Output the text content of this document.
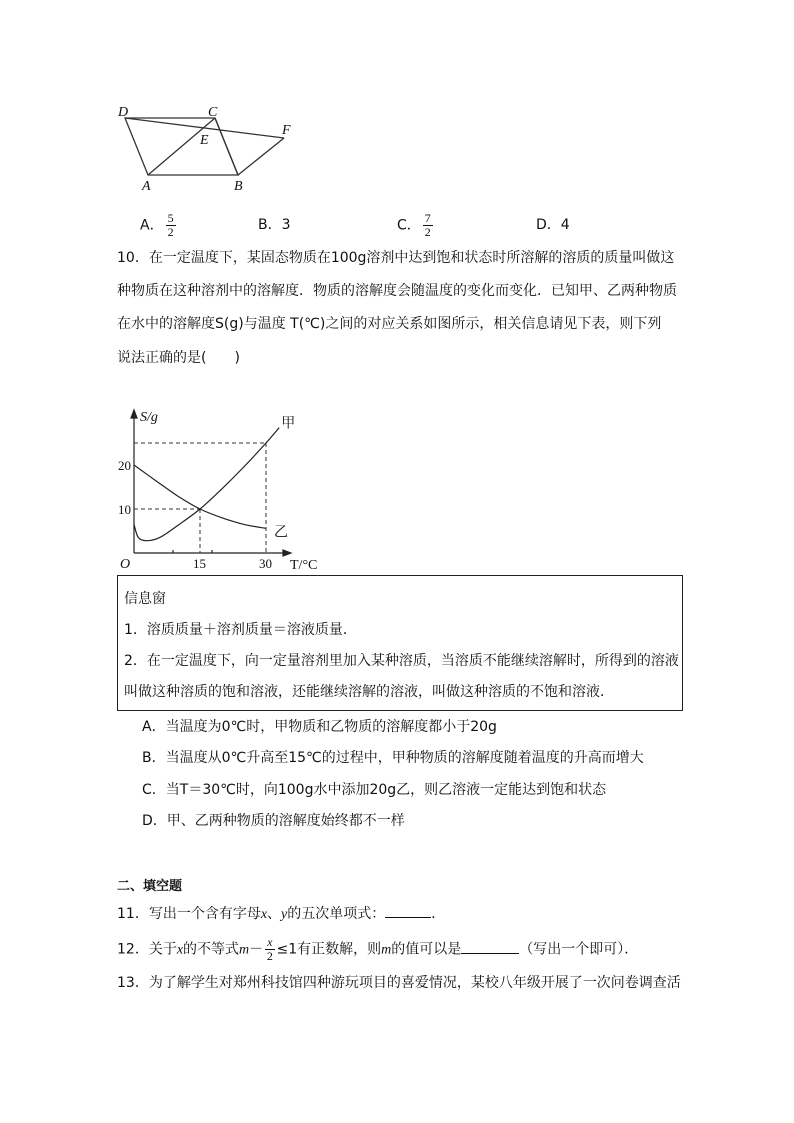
D	C
E
F
A	B
A． $\frac{5}{2}$	B．3	C． $\frac{7}{2}$	D．4
10．在一定温度下，某固态物质在100g溶剂中达到饱和状态时所溶解的溶质的质量叫做这
种物质在这种溶剂中的溶解度．物质的溶解度会随温度的变化而变化．已知甲、乙两种物质
在水中的溶解度S(g)与温度 T(℃)之间的对应关系如图所示，相关信息请见下表，则下列
说法正确的是(　　)
甲
乙
15	30
10
20
S/g
T/°C
O
信息窗
1．溶质质量＋溶剂质量＝溶液质量．
2．在一定温度下，向一定量溶剂里加入某种溶质，当溶质不能继续溶解时，所得到的溶液
叫做这种溶质的饱和溶液，还能继续溶解的溶液，叫做这种溶质的不饱和溶液．
A．当温度为0℃时，甲物质和乙物质的溶解度都小于20g
B．当温度从0℃升高至15℃的过程中，甲种物质的溶解度随着温度的升高而增大
C．当T＝30℃时，向100g水中添加20g乙，则乙溶液一定能达到饱和状态
D．甲、乙两种物质的溶解度始终都不一样
二、填空题
11．写出一个含有字母x、y的五次单项式：	．
12．关于x的不等式$m- \frac{x}{2} \le 1$有正数解，则m的值可以是	（写出一个即可）．
13．为了解学生对郑州科技馆四种游玩项目的喜爱情况，某校八年级开展了一次问卷调查活
